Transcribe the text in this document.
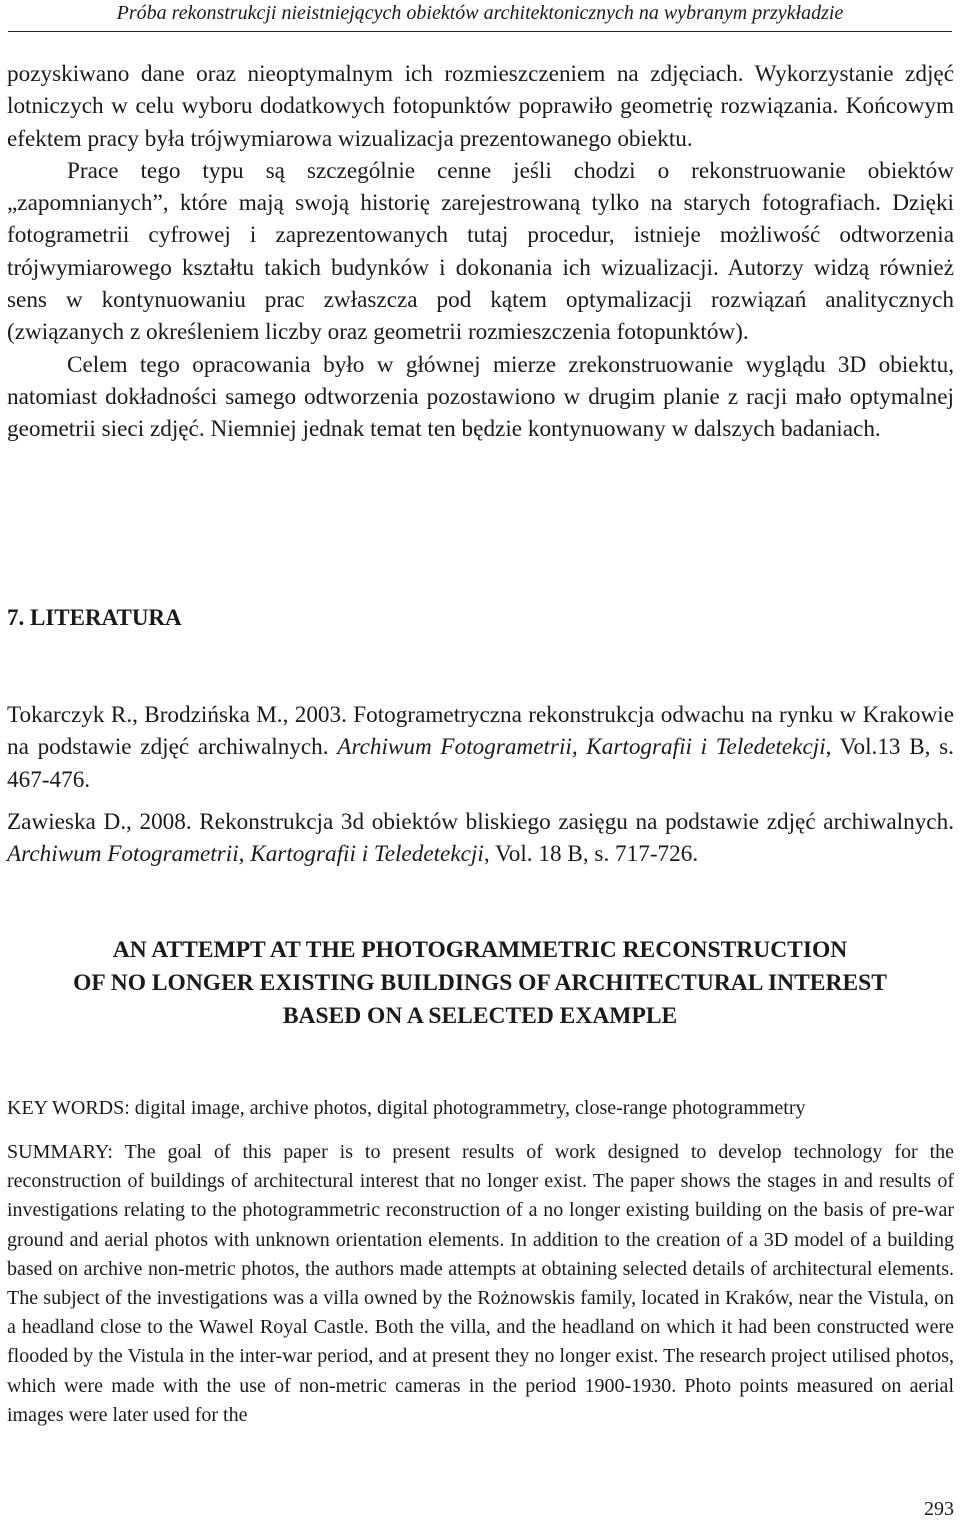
Próba rekonstrukcji nieistniejących obiektów architektonicznych na wybranym przykładzie

pozyskiwano dane oraz nieoptymalnym ich rozmieszczeniem na zdjęciach. Wykorzystanie zdjęć lotniczych w celu wyboru dodatkowych fotopunktów poprawiło geometrię rozwiązania. Końcowym efektem pracy była trójwymiarowa wizualizacja prezentowanego obiektu.

Prace tego typu są szczególnie cenne jeśli chodzi o rekonstruowanie obiektów „zapomnianych”, które mają swoją historię zarejestrowaną tylko na starych fotografiach. Dzięki fotogrametrii cyfrowej i zaprezentowanych tutaj procedur, istnieje możliwość odtworzenia trójwymiarowego kształtu takich budynków i dokonania ich wizualizacji. Autorzy widzą również sens w kontynuowaniu prac zwłaszcza pod kątem optymalizacji rozwiązań analitycznych (związanych z określeniem liczby oraz geometrii rozmieszczenia fotopunktów).

Celem tego opracowania było w głównej mierze zrekonstruowanie wyglądu 3D obiektu, natomiast dokładności samego odtworzenia pozostawiono w drugim planie z racji mało optymalnej geometrii sieci zdjęć. Niemniej jednak temat ten będzie kontynuowany w dalszych badaniach.

7. LITERATURA

Tokarczyk R., Brodzińska M., 2003. Fotogrametryczna rekonstrukcja odwachu na rynku w Krakowie na podstawie zdjęć archiwalnych. Archiwum Fotogrametrii, Kartografii i Teledetekcji, Vol.13 B, s. 467-476.

Zawieska D., 2008. Rekonstrukcja 3d obiektów bliskiego zasięgu na podstawie zdjęć archiwalnych. Archiwum Fotogrametrii, Kartografii i Teledetekcji, Vol. 18 B, s. 717-726.

AN ATTEMPT AT THE PHOTOGRAMMETRIC RECONSTRUCTION
OF NO LONGER EXISTING BUILDINGS OF ARCHITECTURAL INTEREST
BASED ON A SELECTED EXAMPLE

KEY WORDS: digital image, archive photos, digital photogrammetry, close-range photogrammetry

SUMMARY: The goal of this paper is to present results of work designed to develop technology for the reconstruction of buildings of architectural interest that no longer exist. The paper shows the stages in and results of investigations relating to the photogrammetric reconstruction of a no longer existing building on the basis of pre-war ground and aerial photos with unknown orientation elements. In addition to the creation of a 3D model of a building based on archive non-metric photos, the authors made attempts at obtaining selected details of architectural elements. The subject of the investigations was a villa owned by the Rożnowskis family, located in Kraków, near the Vistula, on a headland close to the Wawel Royal Castle. Both the villa, and the headland on which it had been constructed were flooded by the Vistula in the inter-war period, and at present they no longer exist. The research project utilised photos, which were made with the use of non-metric cameras in the period 1900-1930. Photo points measured on aerial images were later used for the

293
